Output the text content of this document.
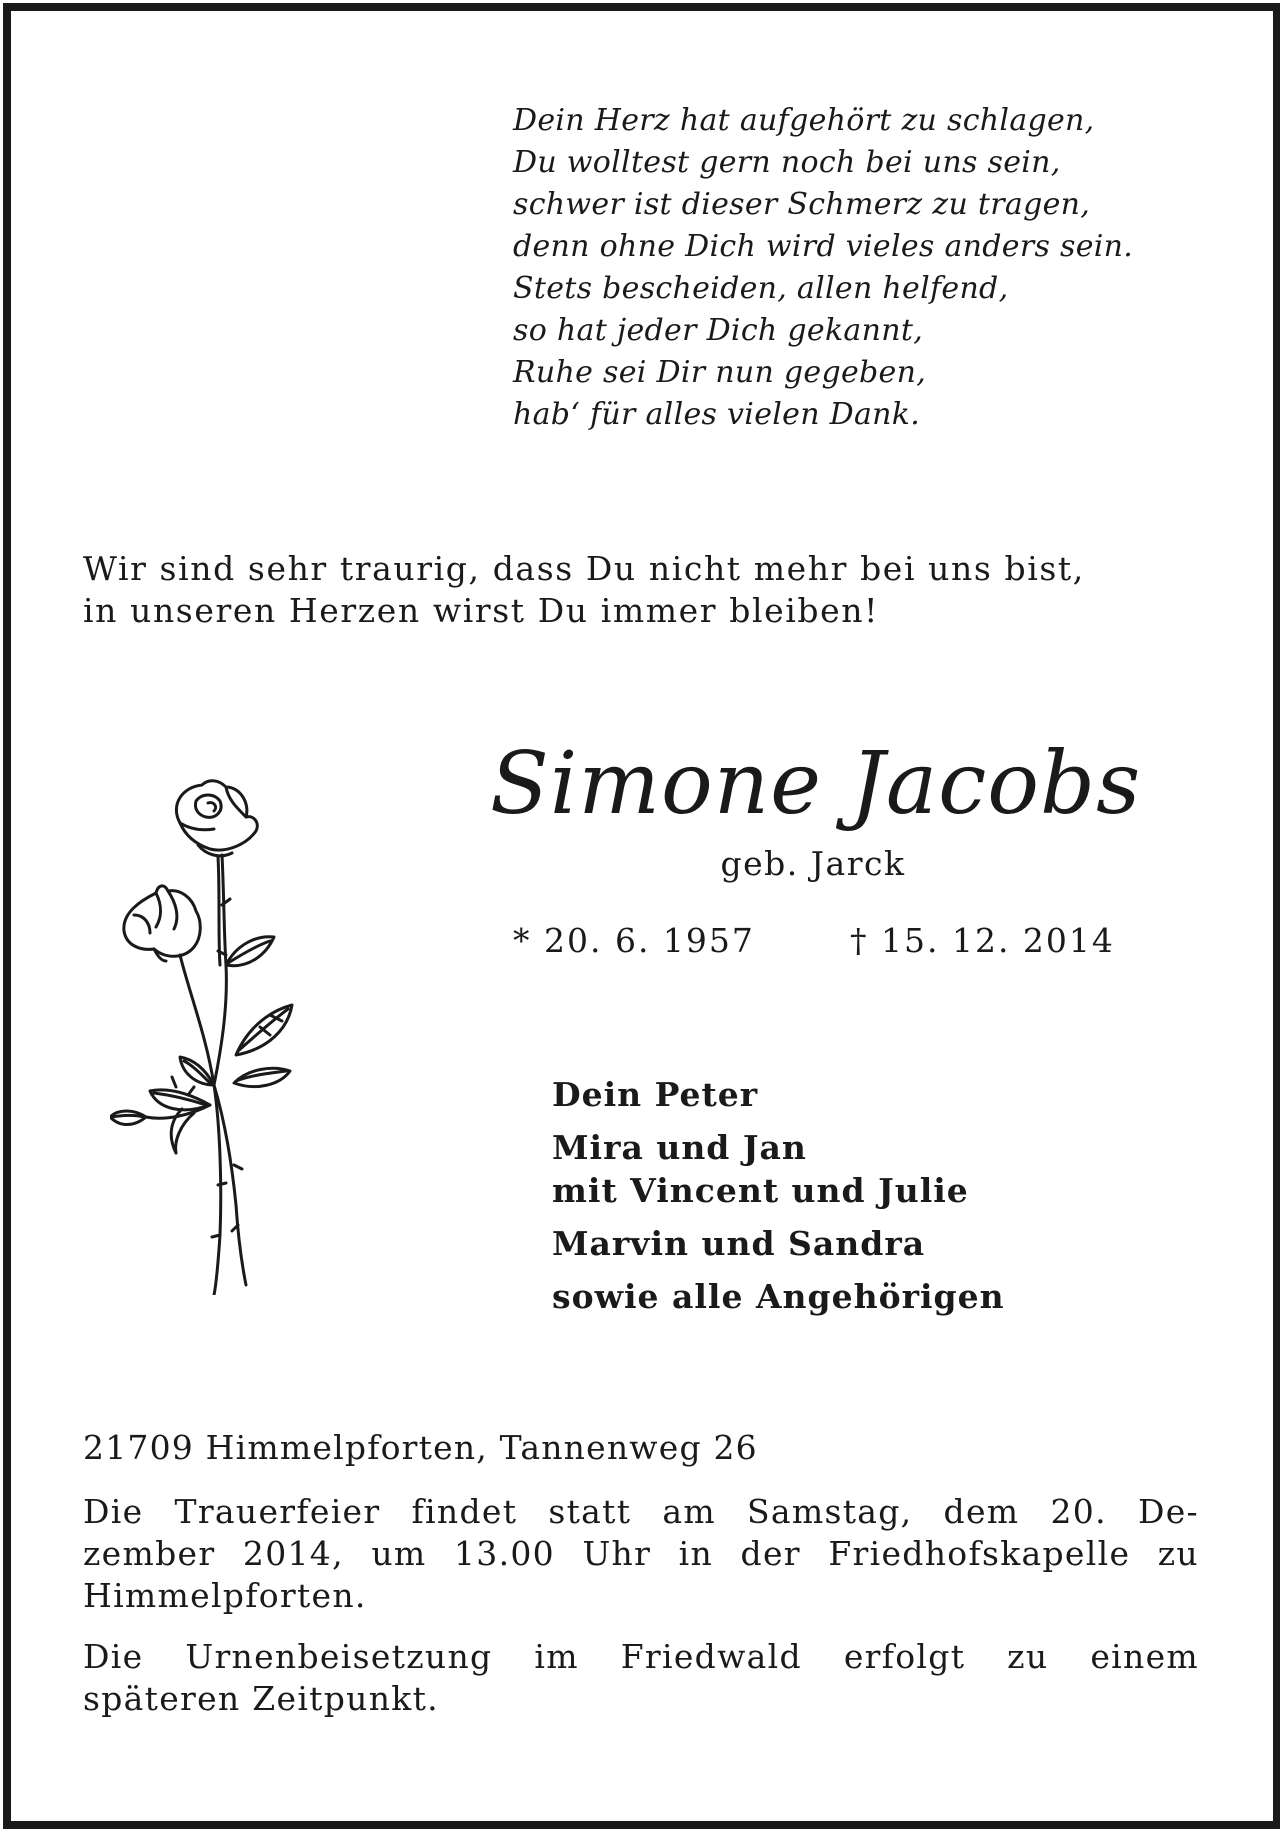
Dein Herz hat aufgehört zu schlagen,
Du wolltest gern noch bei uns sein,
schwer ist dieser Schmerz zu tragen,
denn ohne Dich wird vieles anders sein.
Stets bescheiden, allen helfend,
so hat jeder Dich gekannt,
Ruhe sei Dir nun gegeben,
hab‘ für alles vielen Dank.
Wir sind sehr traurig, dass Du nicht mehr bei uns bist,
in unseren Herzen wirst Du immer bleiben!
Simone Jacobs
geb. Jarck
* 20. 6. 1957	† 15. 12. 2014
Dein Peter
Mira und Jan
mit Vincent und Julie
Marvin und Sandra
sowie alle Angehörigen
21709 Himmelpforten, Tannenweg 26
Die Trauerfeier findet statt am Samstag, dem 20. De-
zember 2014, um 13.00 Uhr in der Friedhofskapelle zu
Himmelpforten.
Die Urnenbeisetzung im Friedwald erfolgt zu einem
späteren Zeitpunkt.
